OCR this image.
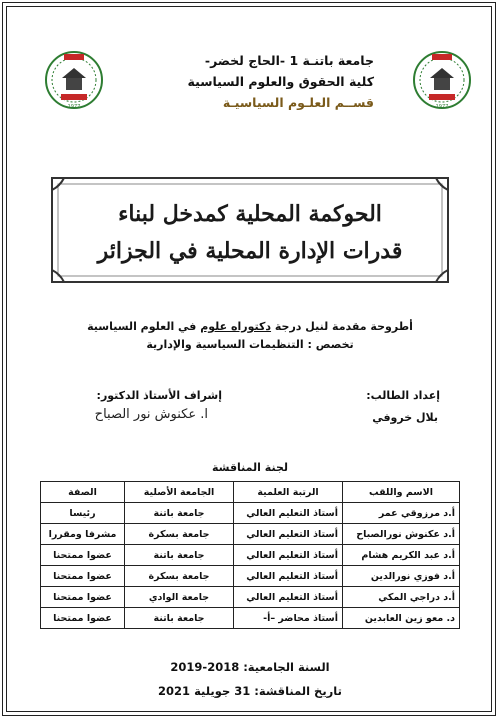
1977	1977
جامعة باتنـة 1 -الحاج لخضر-
كلية الحقوق والعلوم السياسية
قســم العلـوم السياسيـة
الحوكمة المحلية كمدخل لبناء
قدرات الإدارة المحلية في الجزائر
أطروحة مقدمة لنيل درجة دكتوراه علوم في العلوم السياسية
تخصص : التنظيمات السياسية والإدارية
إعداد الطالب:
بلال خروفي
إشراف الأستاذ الدكتور:
ا. عكنوش نور الصباح
لجنة المناقشة
الاسم واللقب	الرتبة العلمية	الجامعة الأصلية	الصفة
أ.د مرزوقي عمر	أستاذ التعليم العالي	جامعة باتنة	رئيسا
أ.د عكنوش نورالصباح	أستاذ التعليم العالي	جامعة بسكرة	مشرفا ومقررا
أ.د عبد الكريم هشام	أستاذ التعليم العالي	جامعة باتنة	عضوا ممتحنا
أ.د فوزي نورالدين	أستاذ التعليم العالي	جامعة بسكرة	عضوا ممتحنا
أ.د دراجي المكي	أستاذ التعليم العالي	جامعة الوادي	عضوا ممتحنا
د. معو زين العابدين	أستاذ محاضر –أ-	جامعة باتنة	عضوا ممتحنا
السنة الجامعية: 2018-2019
تاريخ المناقشة: 31 جويلية 2021
